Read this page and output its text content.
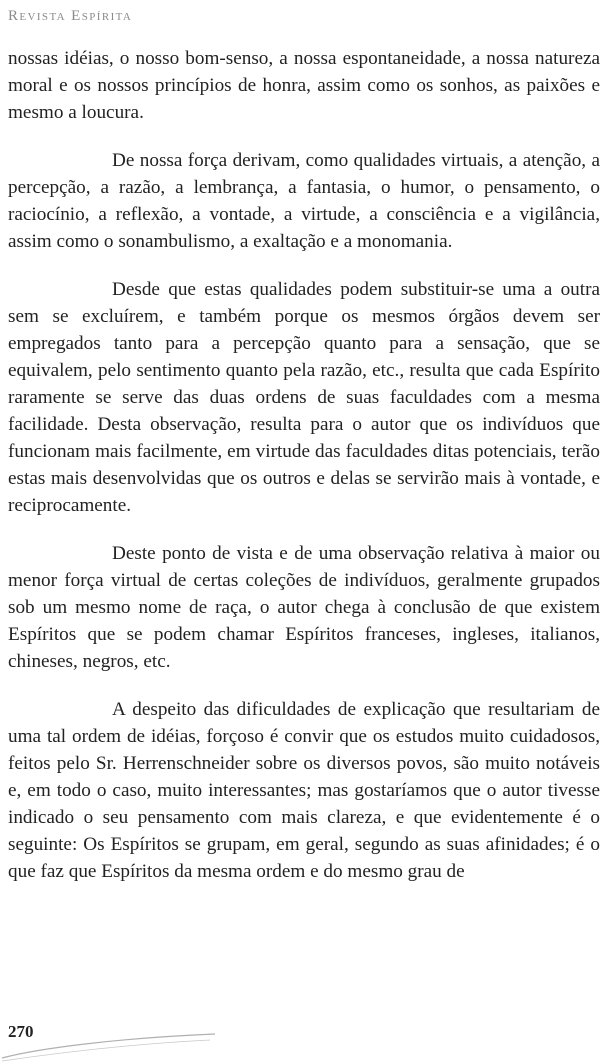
Revista Espírita

nossas idéias, o nosso bom-senso, a nossa espontaneidade, a nossa natureza moral e os nossos princípios de honra, assim como os sonhos, as paixões e mesmo a loucura.

De nossa força derivam, como qualidades virtuais, a atenção, a percepção, a razão, a lembrança, a fantasia, o humor, o pensamento, o raciocínio, a reflexão, a vontade, a virtude, a consciência e a vigilância, assim como o sonambulismo, a exaltação e a monomania.

Desde que estas qualidades podem substituir-se uma a outra sem se excluírem, e também porque os mesmos órgãos devem ser empregados tanto para a percepção quanto para a sensação, que se equivalem, pelo sentimento quanto pela razão, etc., resulta que cada Espírito raramente se serve das duas ordens de suas faculdades com a mesma facilidade. Desta observação, resulta para o autor que os indivíduos que funcionam mais facilmente, em virtude das faculdades ditas potenciais, terão estas mais desenvolvidas que os outros e delas se servirão mais à vontade, e reciprocamente.

Deste ponto de vista e de uma observação relativa à maior ou menor força virtual de certas coleções de indivíduos, geralmente grupados sob um mesmo nome de raça, o autor chega à conclusão de que existem Espíritos que se podem chamar Espíritos franceses, ingleses, italianos, chineses, negros, etc.

A despeito das dificuldades de explicação que resultariam de uma tal ordem de idéias, forçoso é convir que os estudos muito cuidadosos, feitos pelo Sr. Herrenschneider sobre os diversos povos, são muito notáveis e, em todo o caso, muito interessantes; mas gostaríamos que o autor tivesse indicado o seu pensamento com mais clareza, e que evidentemente é o seguinte: Os Espíritos se grupam, em geral, segundo as suas afinidades; é o que faz que Espíritos da mesma ordem e do mesmo grau de

270
